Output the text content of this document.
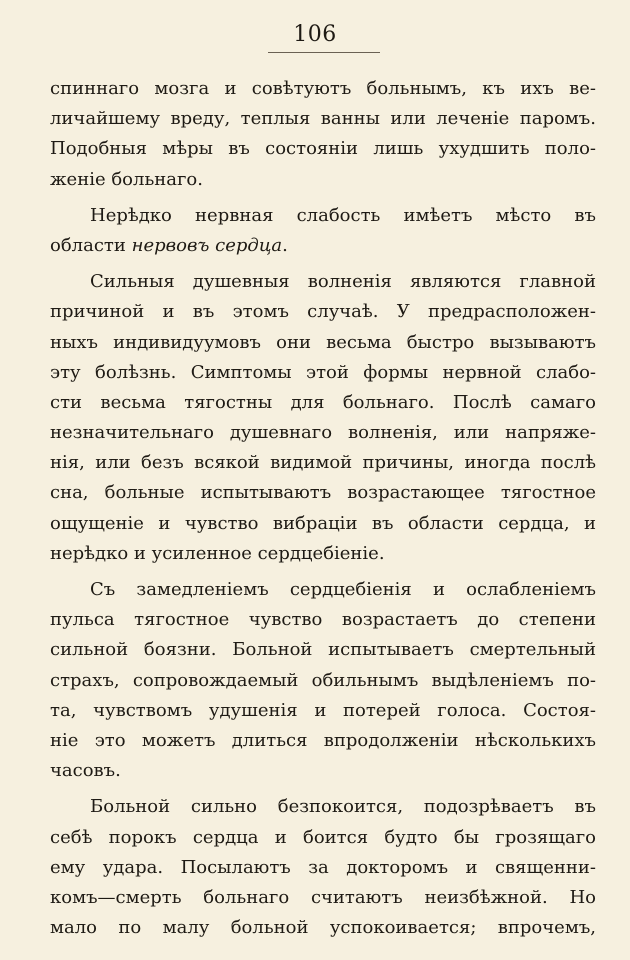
106
спиннаго мозга и совѣтуютъ больнымъ, къ ихъ ве-
личайшему вреду, теплыя ванны или леченіе паромъ.
Подобныя мѣры въ состояніи лишь ухудшить поло-
женіе больнаго.
Нерѣдко нервная слабость имѣетъ мѣсто въ
области нервовъ сердца.
Сильныя душевныя волненія являются главной
причиной и въ этомъ случаѣ. У предрасположен-
ныхъ индивидуумовъ они весьма быстро вызываютъ
эту болѣзнь. Симптомы этой формы нервной слабо-
сти весьма тягостны для больнаго. Послѣ самаго
незначительнаго душевнаго волненія, или напряже-
нія, или безъ всякой видимой причины, иногда послѣ
сна, больные испытываютъ возрастающее тягостное
ощущеніе и чувство вибраціи въ области сердца, и
нерѣдко и усиленное сердцебіеніе.
Съ замедленіемъ сердцебіенія и ослабленіемъ
пульса тягостное чувство возрастаетъ до степени
сильной боязни. Больной испытываетъ смертельный
страхъ, сопровождаемый обильнымъ выдѣленіемъ по-
та, чувствомъ удушенія и потерей голоса. Состоя-
ніе это можетъ длиться впродолженіи нѣсколькихъ
часовъ.
Больной сильно безпокоится, подозрѣваетъ въ
себѣ порокъ сердца и боится будто бы грозящаго
ему удара. Посылаютъ за докторомъ и священни-
комъ—смерть больнаго считаютъ неизбѣжной. Но
мало по малу больной успокоивается; впрочемъ,
